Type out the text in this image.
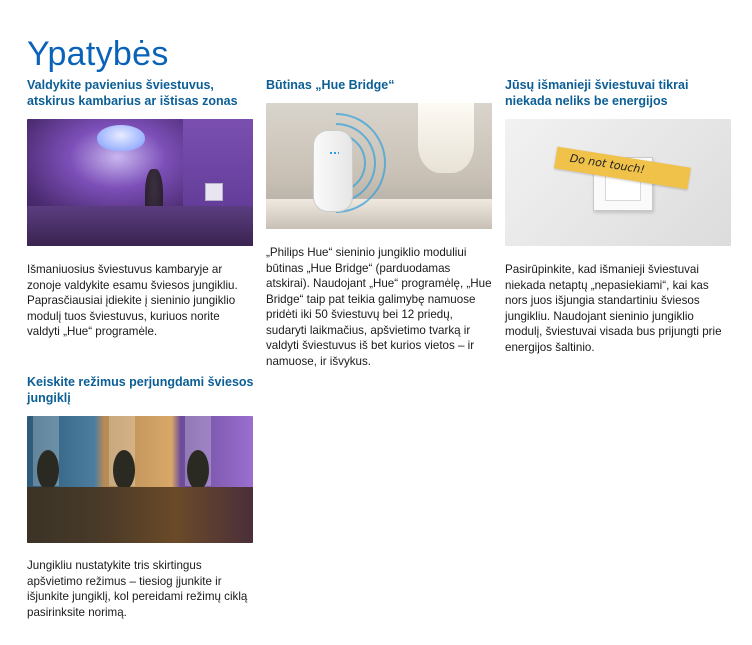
Ypatybės
Valdykite pavienius šviestuvus, atskirus kambarius ar ištisas zonas

Išmaniuosius šviestuvus kambaryje ar zonoje valdykite esamu šviesos jungikliu. Paprasčiausiai įdiekite į sieninio jungiklio modulį tuos šviestuvus, kuriuos norite valdyti „Hue“ programėle.

Būtinas „Hue Bridge“

„Philips Hue“ sieninio jungiklio moduliui būtinas „Hue Bridge“ (parduodamas atskirai). Naudojant „Hue“ programėlę, „Hue Bridge“ taip pat teikia galimybę namuose pridėti iki 50 šviestuvų bei 12 priedų, sudaryti laikmačius, apšvietimo tvarką ir valdyti šviestuvus iš bet kurios vietos – ir namuose, ir išvykus.

Jūsų išmanieji šviestuvai tikrai niekada neliks be energijos
Do not touch!

Pasirūpinkite, kad išmanieji šviestuvai niekada netaptų „nepasiekiami“, kai kas nors juos išjungia standartiniu šviesos jungikliu. Naudojant sieninio jungiklio modulį, šviestuvai visada bus prijungti prie energijos šaltinio.

Keiskite režimus perjungdami šviesos jungiklį

Jungikliu nustatykite tris skirtingus apšvietimo režimus – tiesiog įjunkite ir išjunkite jungiklį, kol pereidami režimų ciklą pasirinksite norimą.
